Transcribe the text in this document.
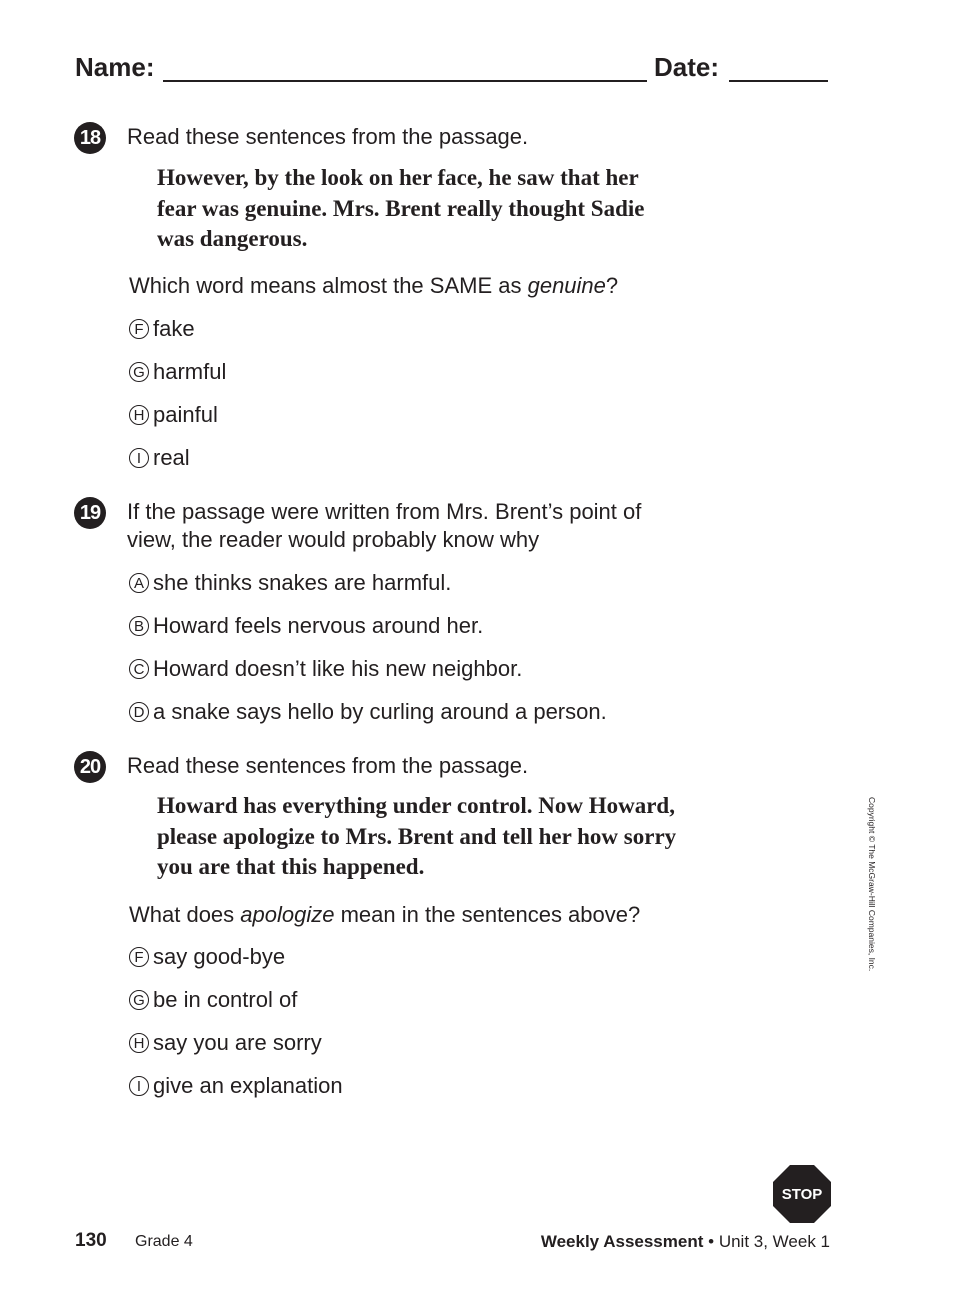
Name:	Date:
18 Read these sentences from the passage.
However, by the look on her face, he saw that her
fear was genuine. Mrs. Brent really thought Sadie
was dangerous.
Which word means almost the SAME as genuine?
F fake
G harmful
H painful
I real
19 If the passage were written from Mrs. Brent’s point of
view, the reader would probably know why
A she thinks snakes are harmful.
B Howard feels nervous around her.
C Howard doesn’t like his new neighbor.
D a snake says hello by curling around a person.
20 Read these sentences from the passage.
Howard has everything under control. Now Howard,
please apologize to Mrs. Brent and tell her how sorry
you are that this happened.
What does apologize mean in the sentences above?
F say good-bye
G be in control of
H say you are sorry
I give an explanation
Copyright © The McGraw-Hill Companies, Inc.
STOP
130 Grade 4	Weekly Assessment • Unit 3, Week 1
